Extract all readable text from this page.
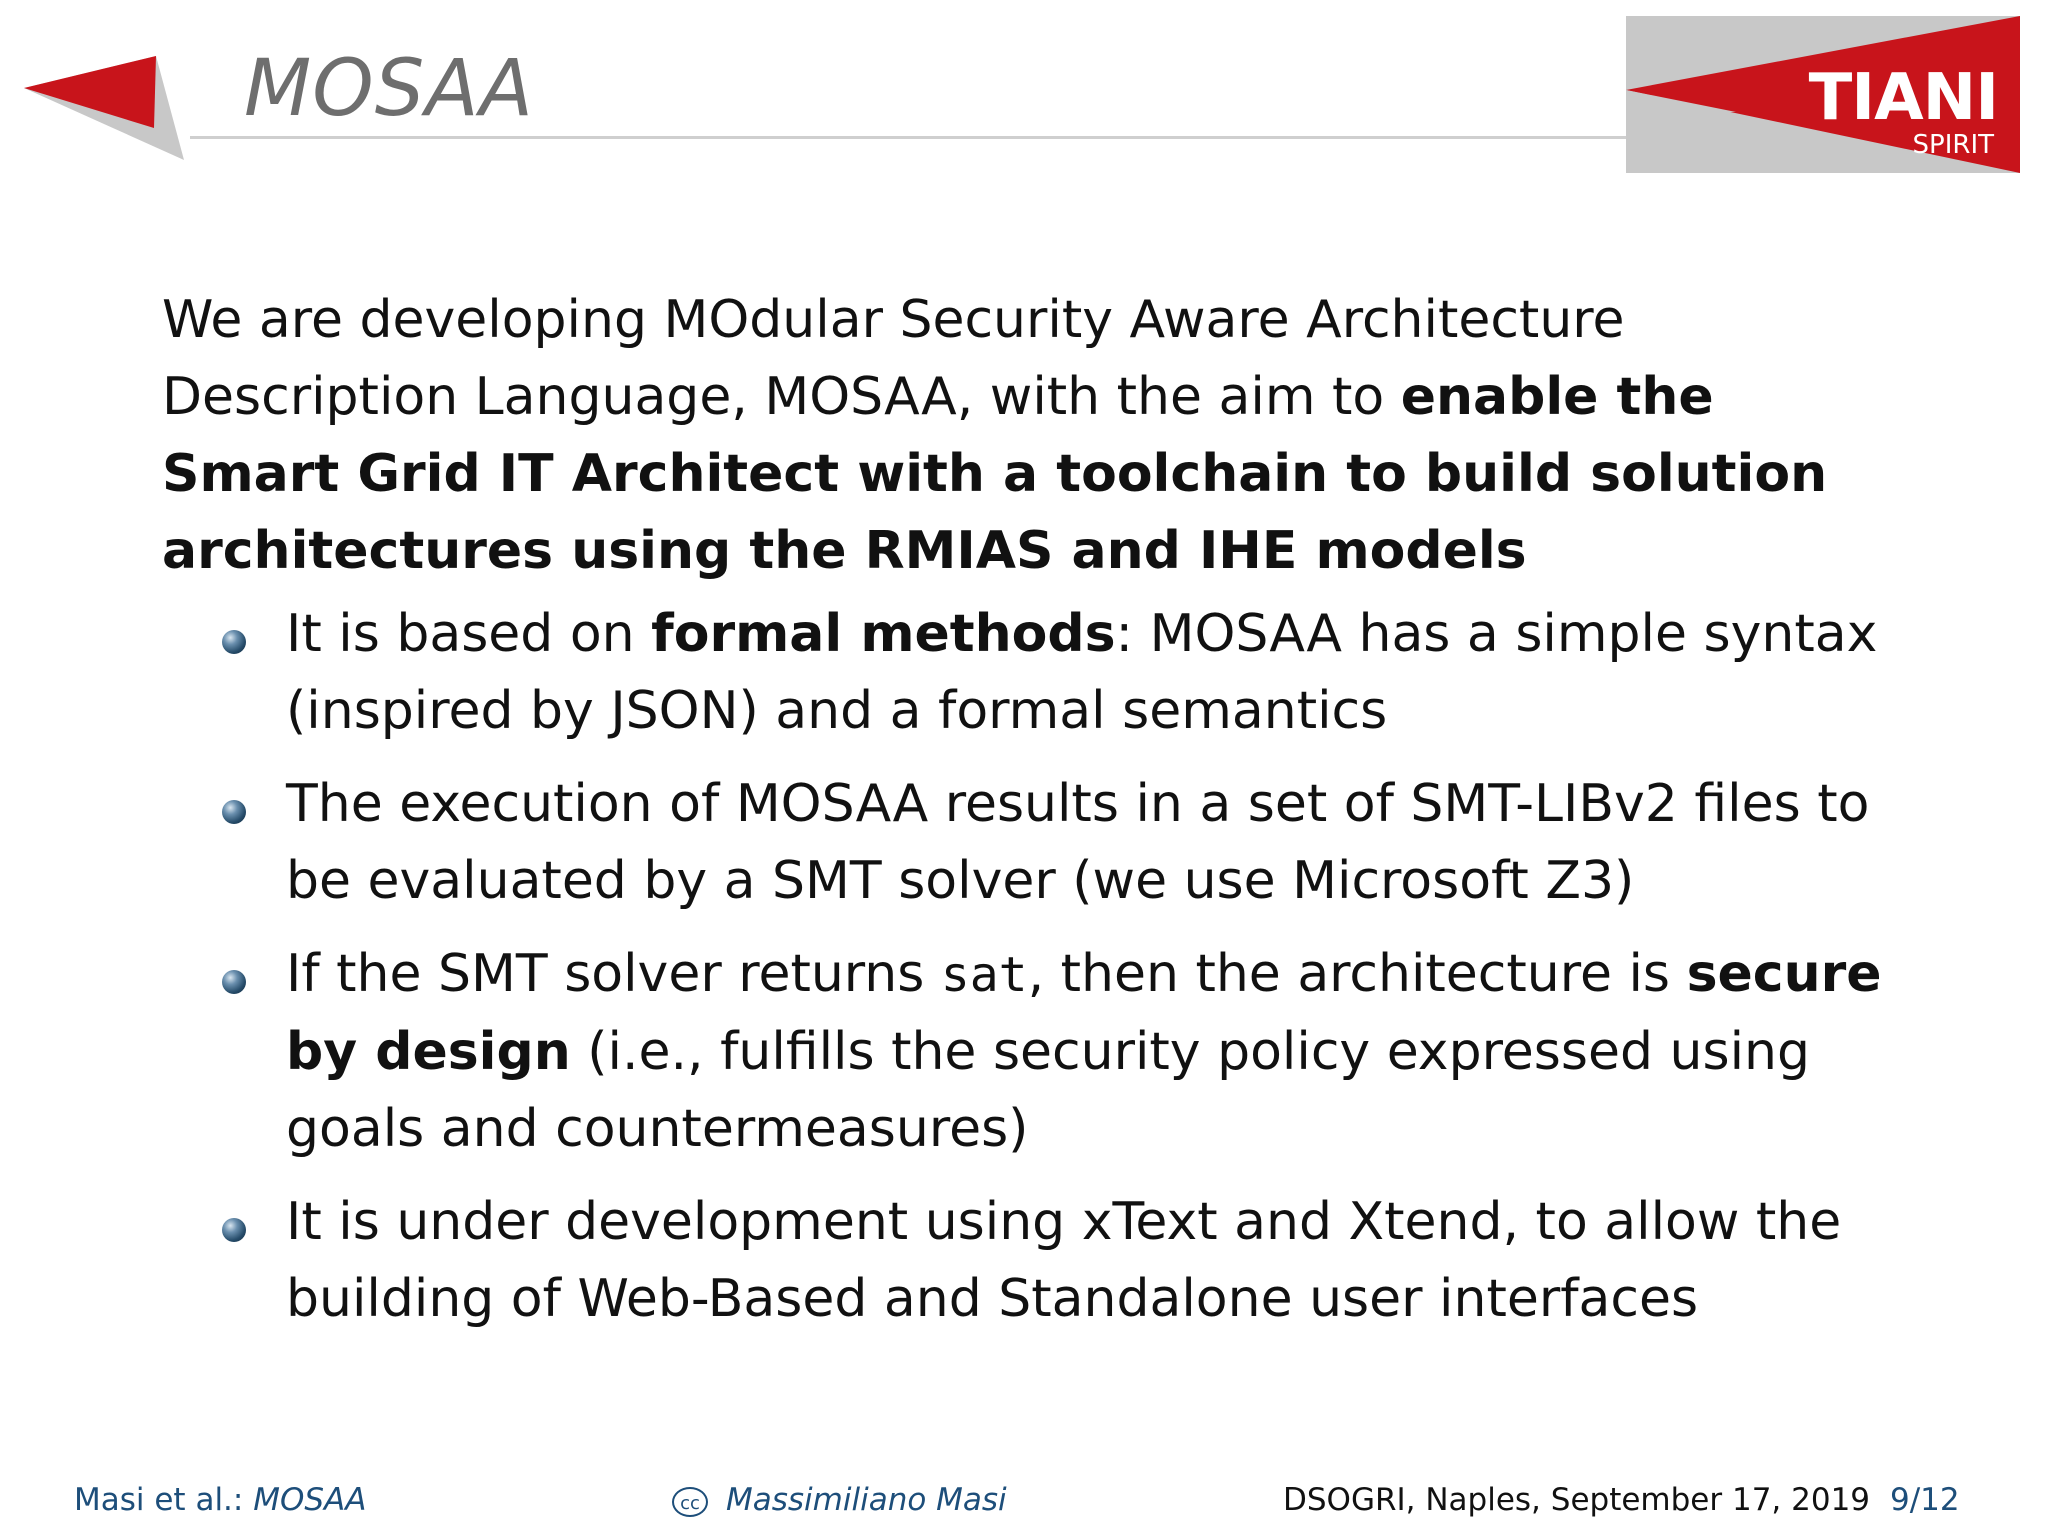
MOSAA	TIANI
SPIRIT

We are developing MOdular Security Aware Architecture Description Language, MOSAA, with the aim to enable the Smart Grid IT Architect with a toolchain to build solution architectures using the RMIAS and IHE models

It is based on formal methods: MOSAA has a simple syntax (inspired by JSON) and a formal semantics
The execution of MOSAA results in a set of SMT-LIBv2 files to be evaluated by a SMT solver (we use Microsoft Z3)
If the SMT solver returns sat, then the architecture is secure by design (i.e., fulfills the security policy expressed using goals and countermeasures)
It is under development using xText and Xtend, to allow the building of Web-Based and Standalone user interfaces
Masi et al.: MOSAA	cc Massimiliano Masi	DSOGRI, Naples, September 17, 2019 9/12
